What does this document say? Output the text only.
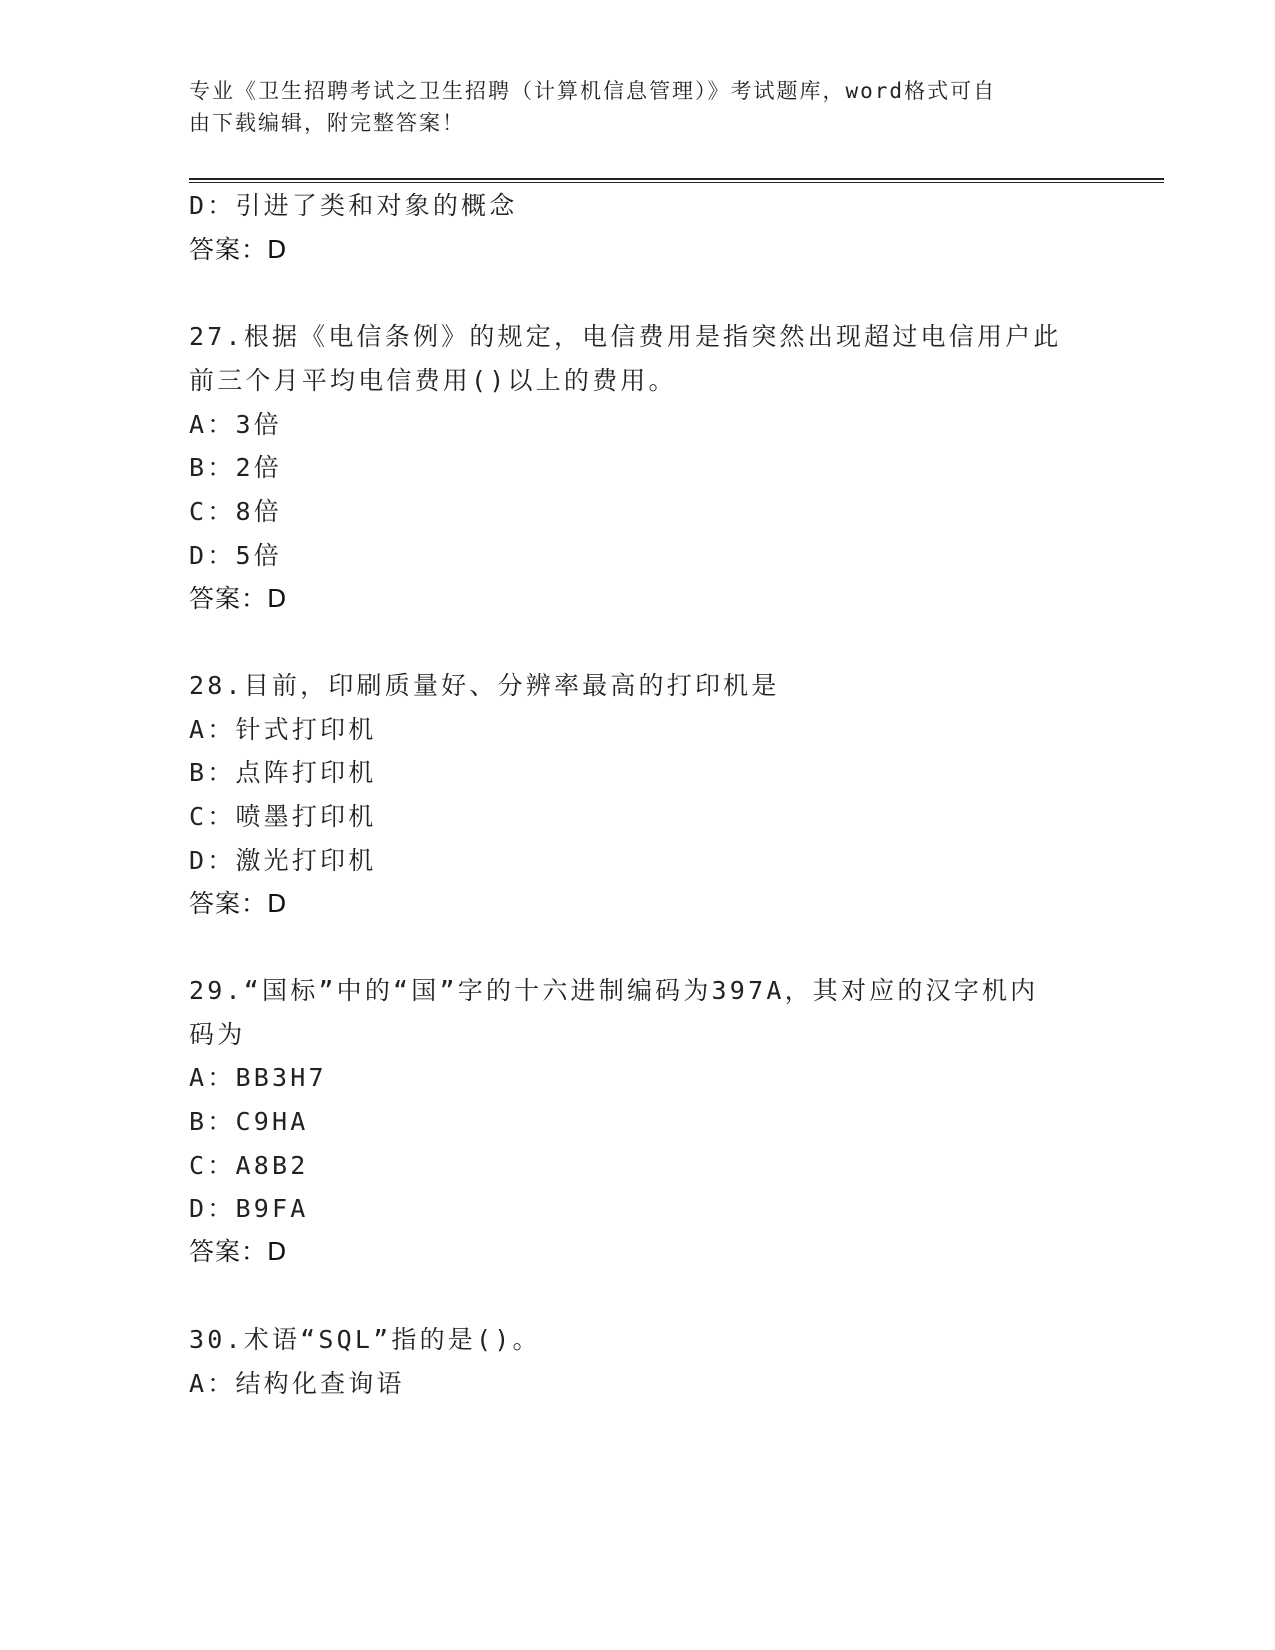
专业《卫生招聘考试之卫生招聘（计算机信息管理）》考试题库，word格式可自
由下载编辑，附完整答案！
D：引进了类和对象的概念
答案：D
27.根据《电信条例》的规定，电信费用是指突然出现超过电信用户此
前三个月平均电信费用()以上的费用。
A：3倍
B：2倍
C：8倍
D：5倍
答案：D
28.目前，印刷质量好、分辨率最高的打印机是
A：针式打印机
B：点阵打印机
C：喷墨打印机
D：激光打印机
答案：D
29.“国标”中的“国”字的十六进制编码为397A，其对应的汉字机内
码为
A：BB3H7
B：C9HA
C：A8B2
D：B9FA
答案：D
30.术语“SQL”指的是()。
A：结构化查询语
